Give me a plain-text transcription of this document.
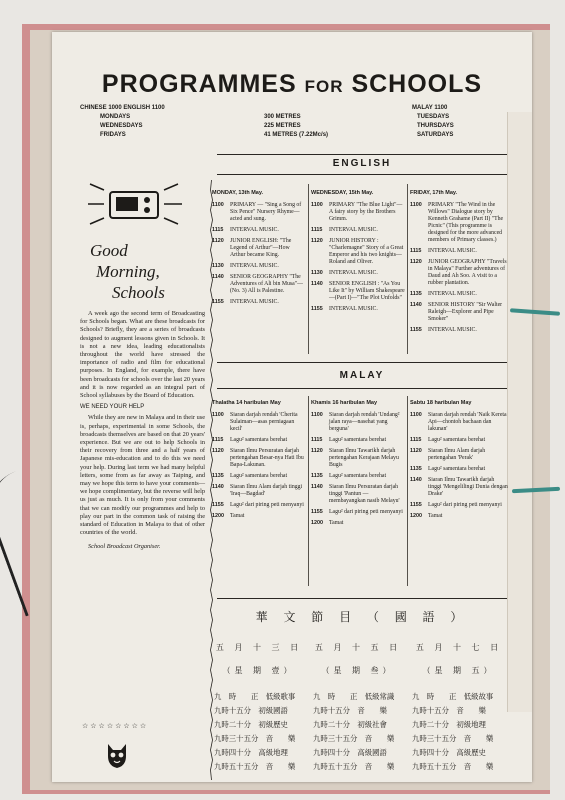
PROGRAMMES FOR SCHOOLS
CHINESE 1000 ENGLISH 1100
MONDAYS
WEDNESDAYS
FRIDAYS
300 METRES
225 METRES
41 METRES (7.22Mc/s)
MALAY 1100
TUESDAYS
THURSDAYS
SATURDAYS
Good
Morning,
Schools

A week ago the second term of Broadcasting for Schools began. What are these broadcasts for Schools? Briefly, they are a series of broadcasts designed to augment lessons given in Schools. It is not a new idea, leading educationalists throughout the world have stressed the importance of radio and film for educational purposes. In England, for example, there have been broadcasts for schools over the last 20 years and it is now regarded as an integral part of School syllabuses by the Board of Education.

WE NEED YOUR HELP

While they are new in Malaya and in their use is, perhaps, experimental in some Schools, the broadcasts themselves are based on that 20 years' experience. But we are out to help Schools in their recovery from three and a half years of Japanese mis-education and to do this we need your help. During last term we had many helpful letters, some from as far away as Taiping, and may we hope this term to have your comments—we hope complimentary, but the reverse will help us just as much. It is only from your comments that we can modify our programmes and help to play our part in the common task of raising the standard of Education in Malaya to that of other countries of the world.

School Broadcast Organiser.

☆☆☆☆☆☆☆☆
ENGLISH
MONDAY, 13th May.
1100	PRIMARY — "Sing a Song of Six Pence" Nursery Rhyme—acted and sung.
1115	INTERVAL MUSIC.
1120	JUNIOR ENGLISH: "The Legend of Arthur"—How Arthur became King.
1130	INTERVAL MUSIC.
1140	SENIOR GEOGRAPHY "The Adventures of Ali bin Musa"—(No. 3) All is Palestine.
1155	INTERVAL MUSIC.
WEDNESDAY, 15th May.
1100	PRIMARY "The Blue Light"—A fairy story by the Brothers Grimm.
1115	INTERVAL MUSIC.
1120	JUNIOR HISTORY : "Charlemagne" Story of a Great Emperor and his two knights—Roland and Oliver.
1130	INTERVAL MUSIC.
1140	SENIOR ENGLISH : "As You Like It" by William Shakespeare—(Part I)—"The Plot Unfolds"
1155	INTERVAL MUSIC.
FRIDAY, 17th May.
1100	PRIMARY "The Wind in the Willows" Dialogue story by Kenneth Grahame (Part II) "The Picnic" (This programme is designed for the more advanced members of Primary classes.)
1115	INTERVAL MUSIC.
1120	JUNIOR GEOGRAPHY "Travels in Malaya" Further adventures of Daud and Ah Soo. A visit to a rubber plantation.
1135	INTERVAL MUSIC.
1140	SENIOR HISTORY "Sir Walter Raleigh—Explorer and Pipe Smoker"
1155	INTERVAL MUSIC.
MALAY
Thalatha 14 haribulan May
1100	Siaran darjah rendah 'Cherita Sulaiman—asas perniagaan kecil'
1115	Lagu² samentara berehat
1120	Siaran Ilmu Persuratan darjah pertengahan Besar-nya Hati Ibu Bapa-Lakunan.
1135	Lagu² samentara berehat
1140	Siaran Ilmu Alam darjah tinggi 'Iraq—Bagdad'
1155	Lagu² dari piring peti menyanyi
1200	Tamat
Khamis 16 haribulan May
1100	Siaran darjah rendah 'Undang² jalan raya—nasehat yang berguna'
1115	Lagu² samentara berehat
1120	Siaran Ilmu Tawarikh darjah pertengahan Kerajaan Melayu Bugis
1135	Lagu² samentara berehat
1140	Siaran Ilmu Persuratan darjah tinggi 'Pantun — membayangkan nasib Melayu'
1155	Lagu² dari piring peti menyanyi
1200	Tamat
Sabtu 18 haribulan May
1100	Siaran darjah rendah 'Naik Kereta Api—chontoh bachaan dan lakunan'
1115	Lagu² samentara berehat
1120	Siaran Ilmu Alam darjah pertengahan 'Perak'
1135	Lagu² samentara berehat
1140	Siaran Ilmu Tawarikh darjah tinggi 'Mengelilingi Dunia dengan Drake'
1155	Lagu² dari piring peti menyanyi
1200	Tamat
華 文 節 目 （ 國 語 ）
五 月 十 三 日
（星 期 壹）
五 月 十 五 日
（星 期 叁）
五 月 十 七 日
（星 期 五）
九　時　　正　低級歌事
九時十五分　初級國語
九時二十分　初級歷史
九時三十五分　音　　樂
九時四十分　高級地理
九時五十五分　音　　樂
九　時　　正　低級常識
九時十五分　音　　樂
九時二十分　初級社會
九時三十五分　音　　樂
九時四十分　高級國語
九時五十五分　音　　樂
九　時　　正　低級故事
九時十五分　音　　樂
九時二十分　初級地理
九時三十五分　音　　樂
九時四十分　高級歷史
九時五十五分　音　　樂
